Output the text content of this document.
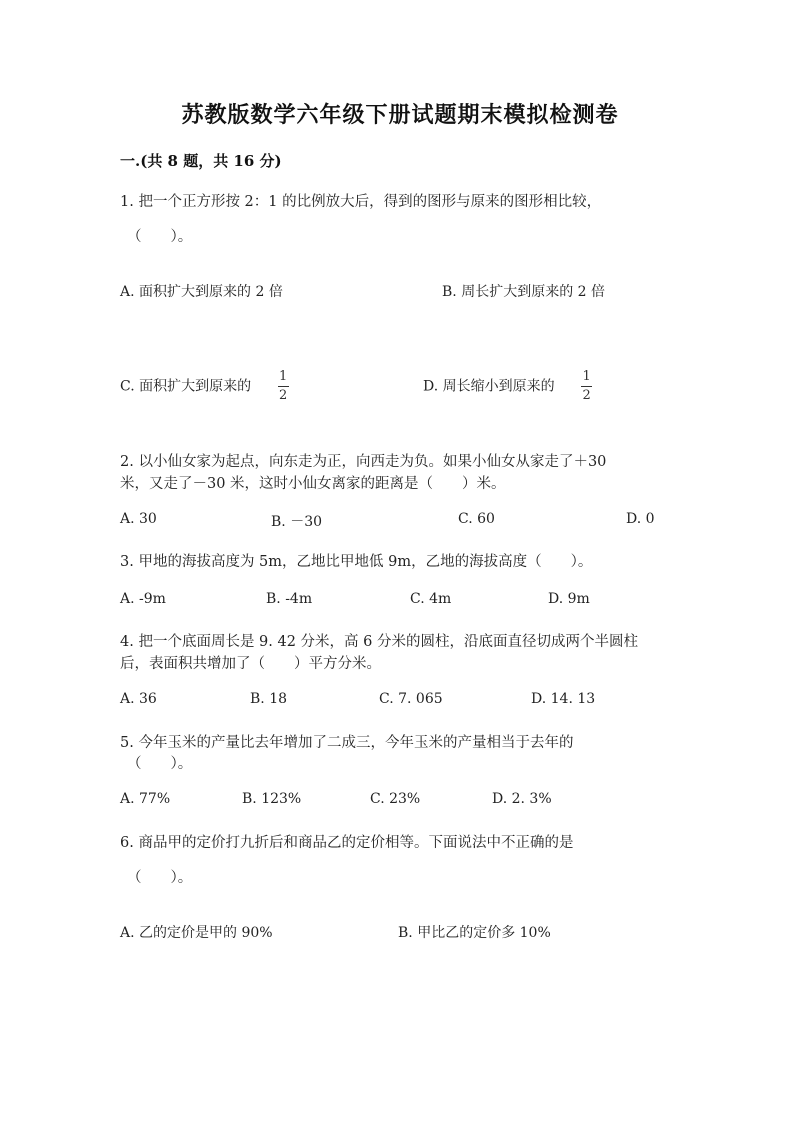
苏教版数学六年级下册试题期末模拟检测卷
一.(共 8 题，共 16 分)
1. 把一个正方形按 2：1 的比例放大后，得到的图形与原来的图形相比较，
（　　）。
A. 面积扩大到原来的 2 倍	B. 周长扩大到原来的 2 倍
C. 面积扩大到原来的 $\frac{1}{2}$	D. 周长缩小到原来的 $\frac{1}{2}$
2. 以小仙女家为起点，向东走为正，向西走为负。如果小仙女从家走了＋30
米，又走了－30 米，这时小仙女离家的距离是（　　）米。
A. 30	B. －30	C. 60	D. 0
3. 甲地的海拔高度为 5m，乙地比甲地低 9m，乙地的海拔高度（　　）。
A. -9m	B. -4m	C. 4m	D. 9m
4. 把一个底面周长是 9. 42 分米，高 6 分米的圆柱，沿底面直径切成两个半圆柱
后，表面积共增加了（　　）平方分米。
A. 36	B. 18	C. 7. 065	D. 14. 13
5. 今年玉米的产量比去年增加了二成三，今年玉米的产量相当于去年的
（　　）。
A. 77%	B. 123%	C. 23%	D. 2. 3%
6. 商品甲的定价打九折后和商品乙的定价相等。下面说法中不正确的是
（　　）。
A. 乙的定价是甲的 90%	B. 甲比乙的定价多 10%
